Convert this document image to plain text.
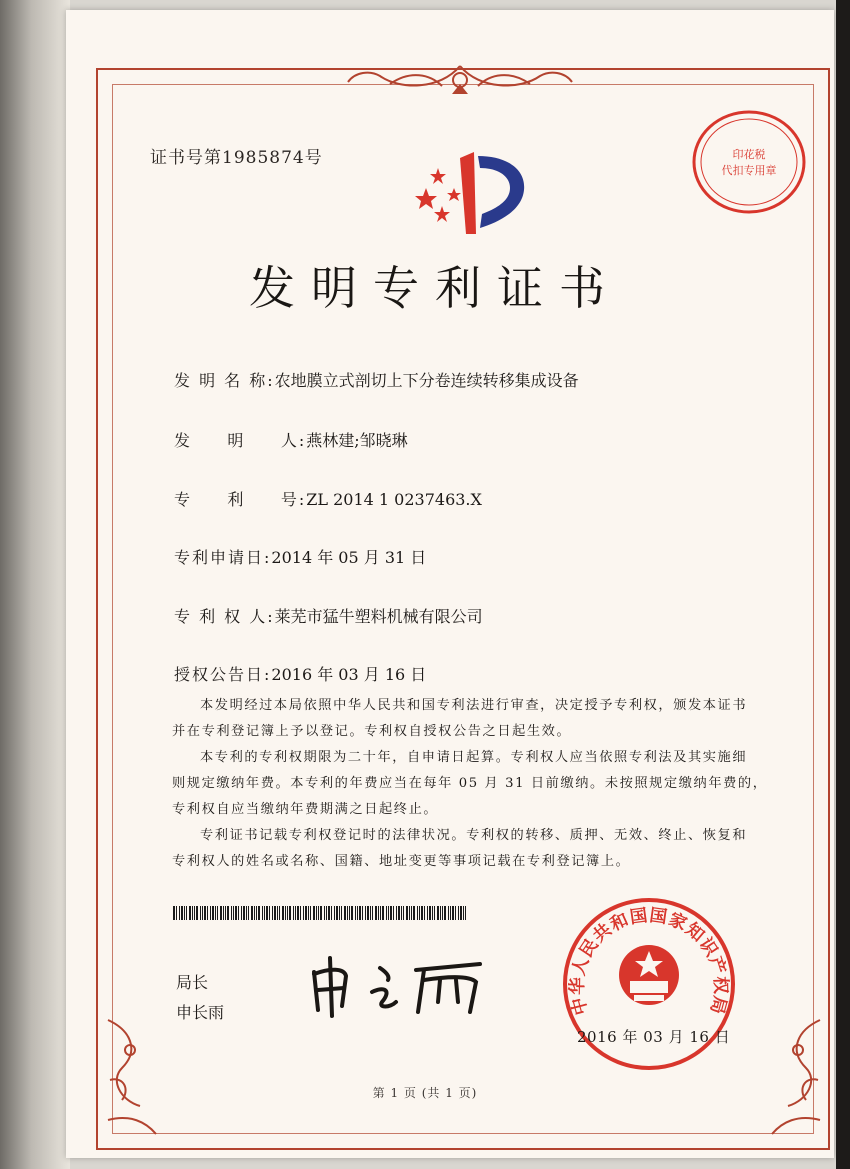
证书号第1985874号	印花税
代扣专用章
发明专利证书
发 明 名 称:农地膜立式剖切上下分卷连续转移集成设备
发     明     人:燕林建;邹晓琳
专     利     号:ZL 2014 1 0237463.X
专利申请日:2014 年 05 月 31 日
专 利 权 人:莱芜市猛牛塑料机械有限公司
授权公告日:2016 年 03 月 16 日
本发明经过本局依照中华人民共和国专利法进行审查，决定授予专利权，颁发本证书
并在专利登记簿上予以登记。专利权自授权公告之日起生效。
本专利的专利权期限为二十年，自申请日起算。专利权人应当依照专利法及其实施细
则规定缴纳年费。本专利的年费应当在每年 05 月 31 日前缴纳。未按照规定缴纳年费的，
专利权自应当缴纳年费期满之日起终止。
专利证书记载专利权登记时的法律状况。专利权的转移、质押、无效、终止、恢复和
专利权人的姓名或名称、国籍、地址变更等事项记载在专利登记簿上。
局长
申长雨	中华人民共和国国家知识产权局
2016 年 03 月 16 日
第 1 页 (共 1 页)
